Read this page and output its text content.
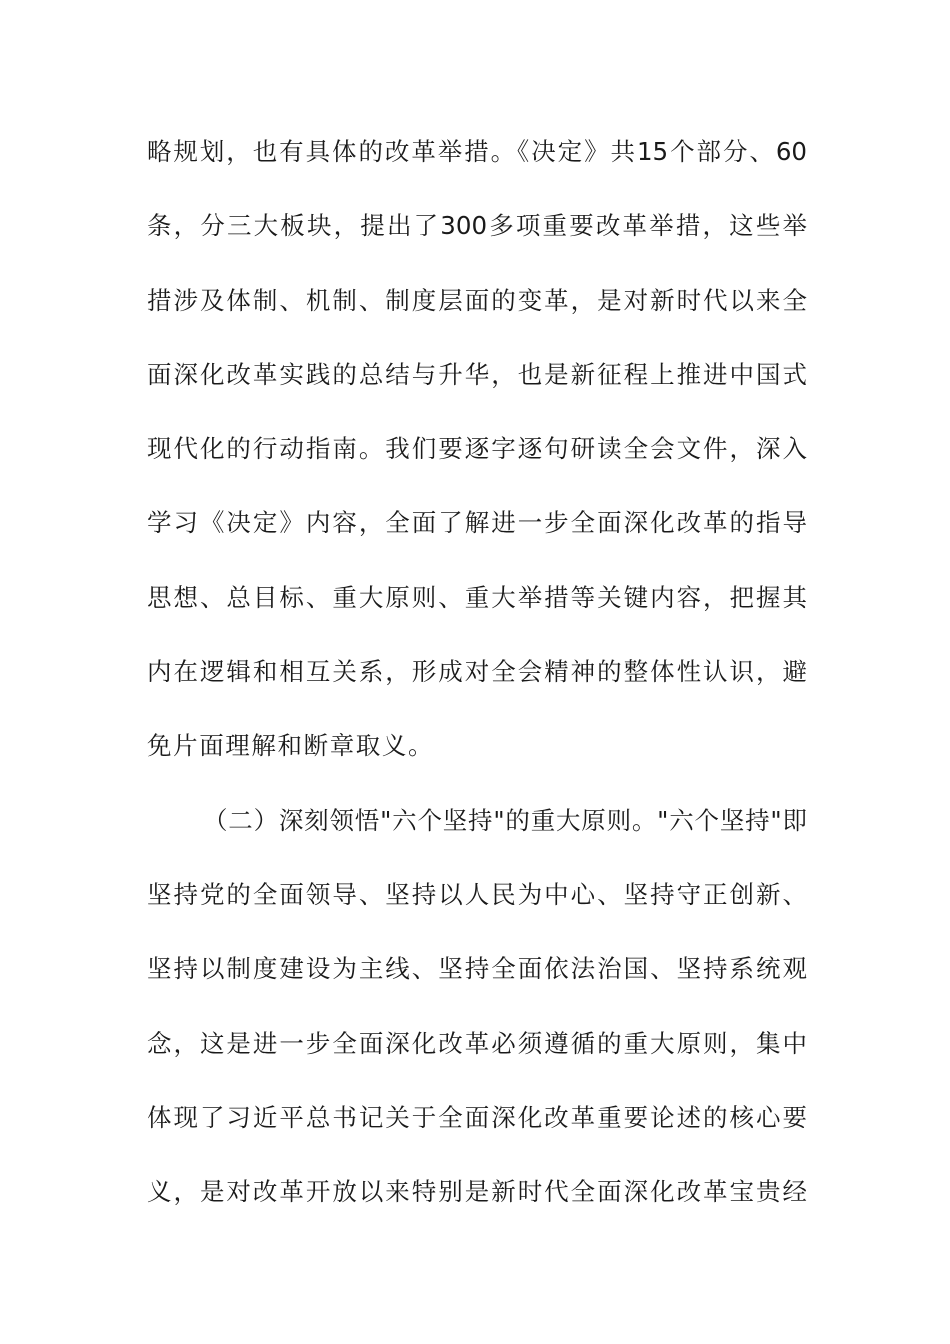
略规划，也有具体的改革举措。《决定》共15个部分、60
条，分三大板块，提出了300多项重要改革举措，这些举
措涉及体制、机制、制度层面的变革，是对新时代以来全
面深化改革实践的总结与升华，也是新征程上推进中国式
现代化的行动指南。我们要逐字逐句研读全会文件，深入
学习《决定》内容，全面了解进一步全面深化改革的指导
思想、总目标、重大原则、重大举措等关键内容，把握其
内在逻辑和相互关系，形成对全会精神的整体性认识，避
免片面理解和断章取义。
（二）深刻领悟"六个坚持"的重大原则。"六个坚持"即
坚持党的全面领导、坚持以人民为中心、坚持守正创新、
坚持以制度建设为主线、坚持全面依法治国、坚持系统观
念，这是进一步全面深化改革必须遵循的重大原则，集中
体现了习近平总书记关于全面深化改革重要论述的核心要
义，是对改革开放以来特别是新时代全面深化改革宝贵经
